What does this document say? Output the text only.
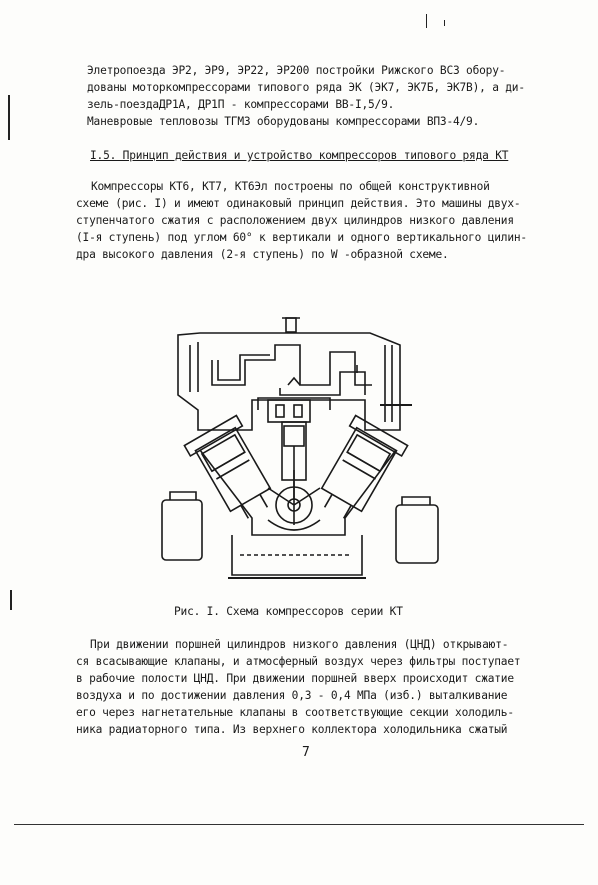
Элетропоезда ЭР2, ЭР9, ЭР22, ЭР200 постройки Рижского ВСЗ обору-
дованы моторкомпрессорами типового ряда ЭК (ЭК7, ЭК7Б, ЭК7В), а ди-
зель-поездаДР1А, ДР1П - компрессорами ВВ-I,5/9.
Маневровые тепловозы ТГМ3 оборудованы компрессорами ВП3-4/9.
I.5. Принцип действия и устройство компрессоров типового ряда КТ
Компрессоры КТ6, КТ7, КТ6Эл построены по общей конструктивной
схеме (рис. I) и имеют одинаковый принцип действия. Это машины двух-
ступенчатого сжатия с расположением двух цилиндров низкого давления
(I-я ступень) под углом 60° к вертикали и одного вертикального цилин-
дра высокого давления (2-я ступень) по W -образной схеме.
Рис. I. Схема компрессоров серии КТ
При движении поршней цилиндров низкого давления (ЦНД) открывают-
ся всасывающие клапаны, и атмосферный воздух через фильтры поступает
в рабочие полости ЦНД. При движении поршней вверх происходит сжатие
воздуха и по достижении давления 0,3 - 0,4 МПа (изб.) выталкивание
его через нагнетательные клапаны в соответствующие секции холодиль-
ника радиаторного типа. Из верхнего коллектора холодильника сжатый
7
